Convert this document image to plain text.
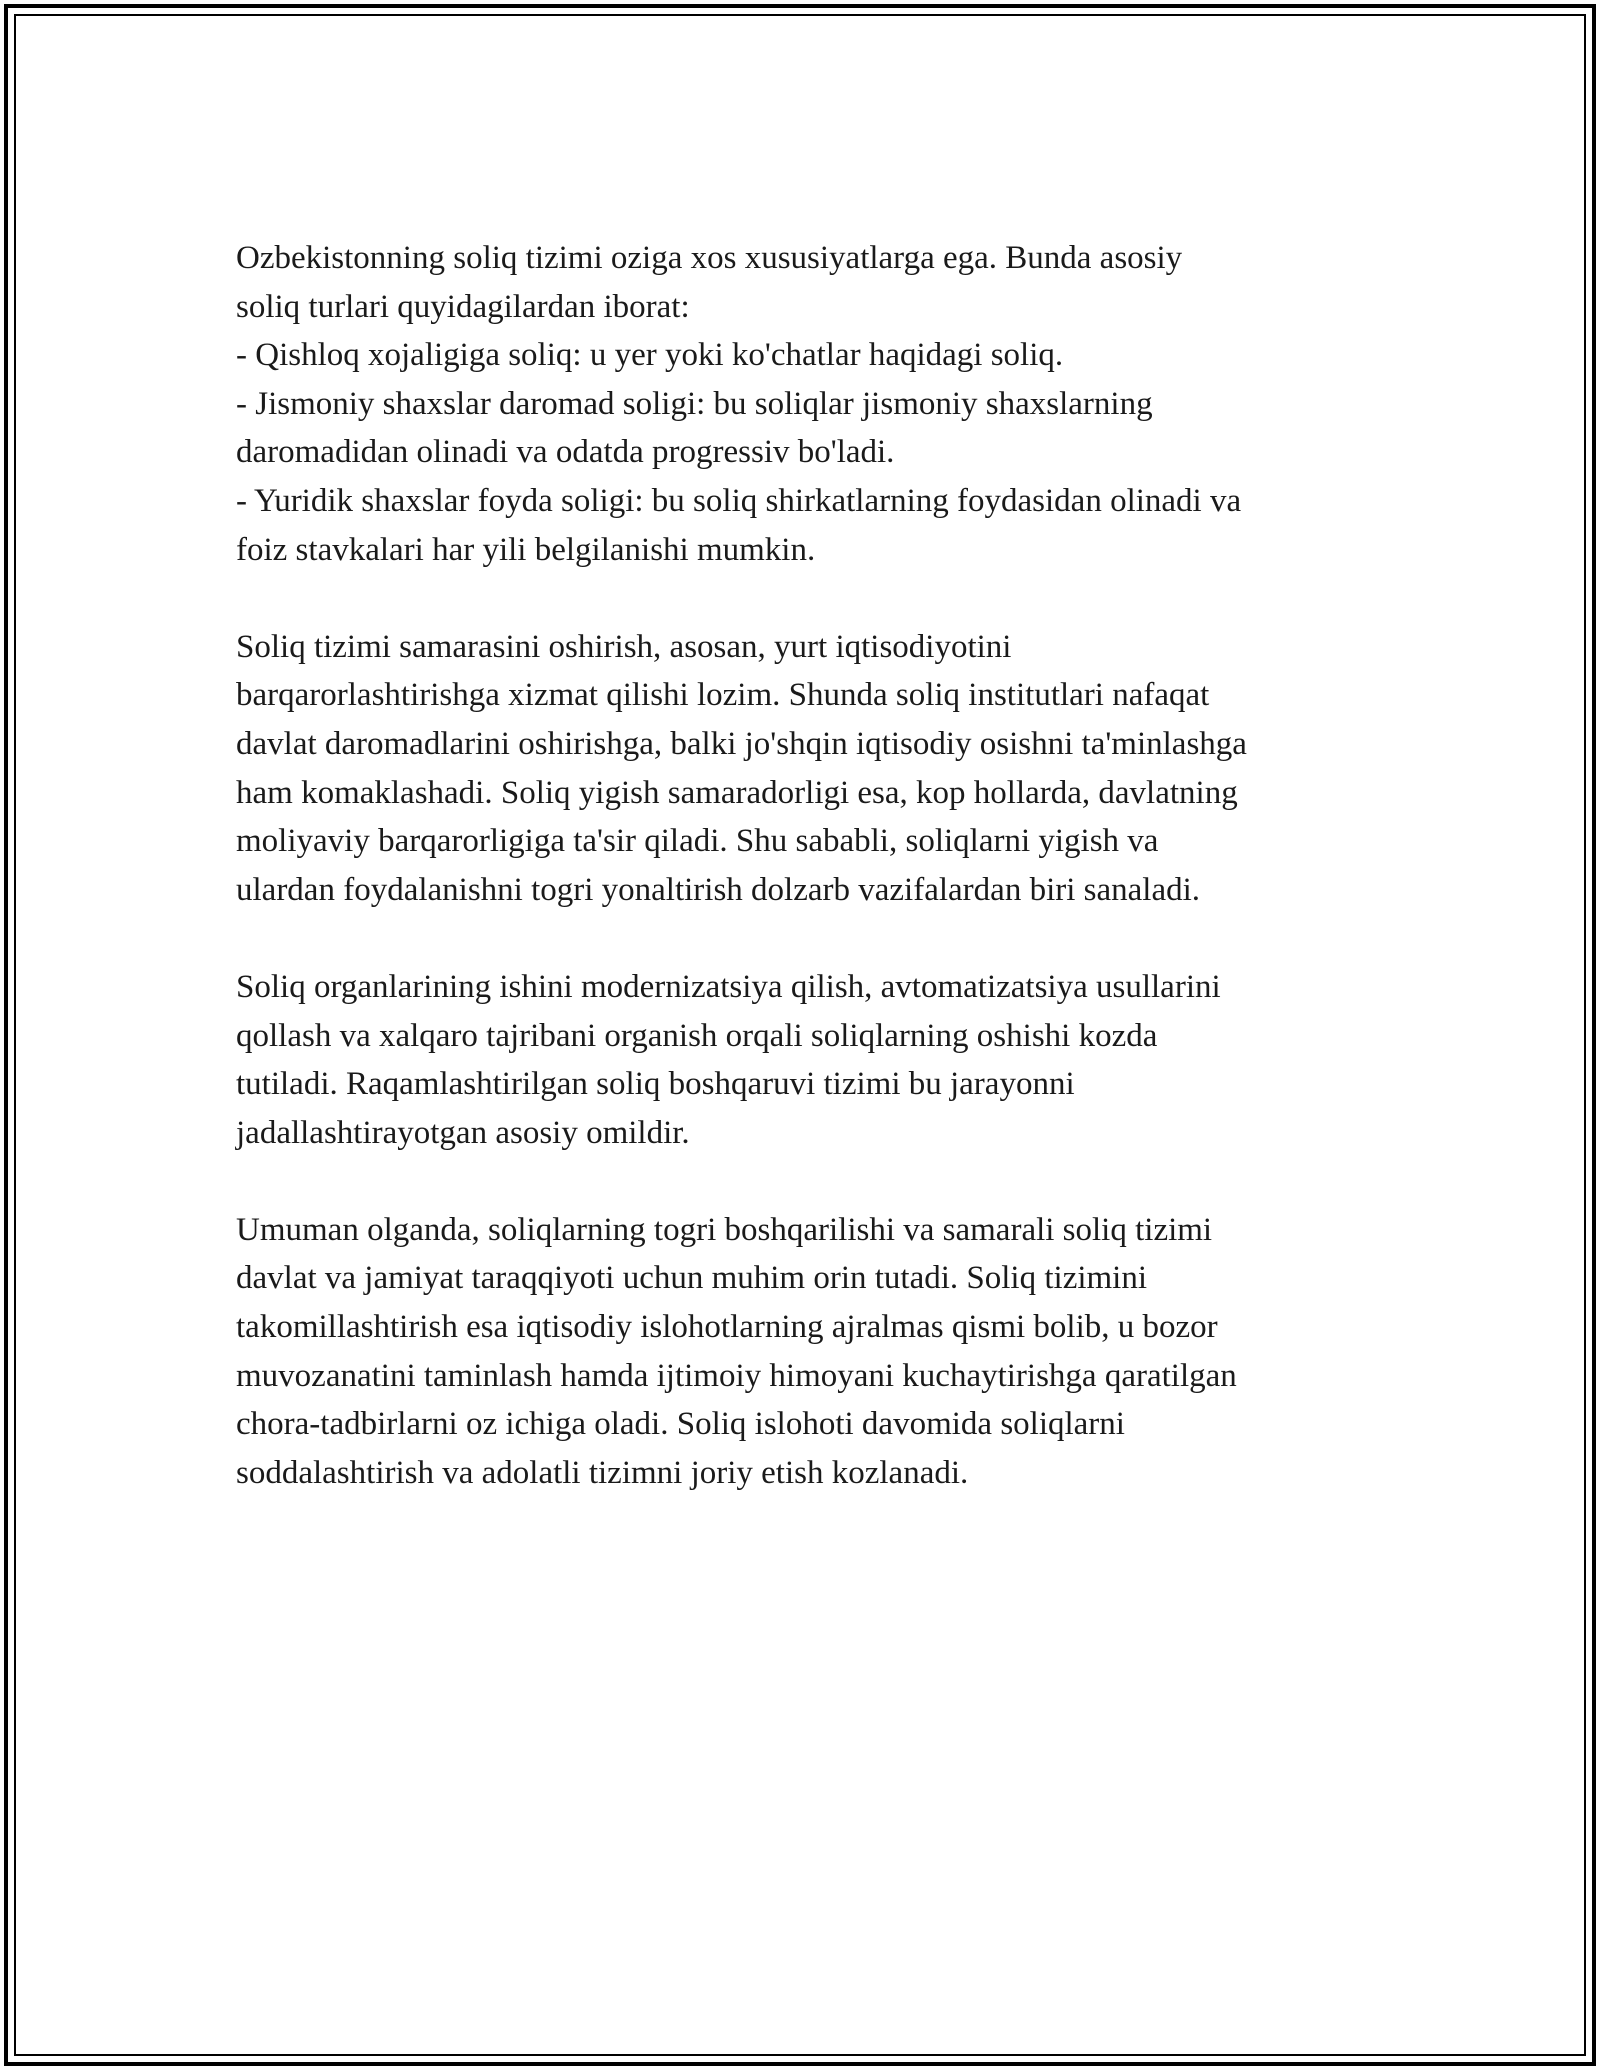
Ozbekistonning soliq tizimi oziga xos xususiyatlarga ega. Bunda asosiy
soliq turlari quyidagilardan iborat:
- Qishloq xojaligiga soliq: u yer yoki ko'chatlar haqidagi soliq.
- Jismoniy shaxslar daromad soligi: bu soliqlar jismoniy shaxslarning
daromadidan olinadi va odatda progressiv bo'ladi.
- Yuridik shaxslar foyda soligi: bu soliq shirkatlarning foydasidan olinadi va
foiz stavkalari har yili belgilanishi mumkin.
Soliq tizimi samarasini oshirish, asosan, yurt iqtisodiyotini
barqarorlashtirishga xizmat qilishi lozim. Shunda soliq institutlari nafaqat
davlat daromadlarini oshirishga, balki jo'shqin iqtisodiy osishni ta'minlashga
ham komaklashadi. Soliq yigish samaradorligi esa, kop hollarda, davlatning
moliyaviy barqarorligiga ta'sir qiladi. Shu sababli, soliqlarni yigish va
ulardan foydalanishni togri yonaltirish dolzarb vazifalardan biri sanaladi.
Soliq organlarining ishini modernizatsiya qilish, avtomatizatsiya usullarini
qollash va xalqaro tajribani organish orqali soliqlarning oshishi kozda
tutiladi. Raqamlashtirilgan soliq boshqaruvi tizimi bu jarayonni
jadallashtirayotgan asosiy omildir.
Umuman olganda, soliqlarning togri boshqarilishi va samarali soliq tizimi
davlat va jamiyat taraqqiyoti uchun muhim orin tutadi. Soliq tizimini
takomillashtirish esa iqtisodiy islohotlarning ajralmas qismi bolib, u bozor
muvozanatini taminlash hamda ijtimoiy himoyani kuchaytirishga qaratilgan
chora-tadbirlarni oz ichiga oladi. Soliq islohoti davomida soliqlarni
soddalashtirish va adolatli tizimni joriy etish kozlanadi.
